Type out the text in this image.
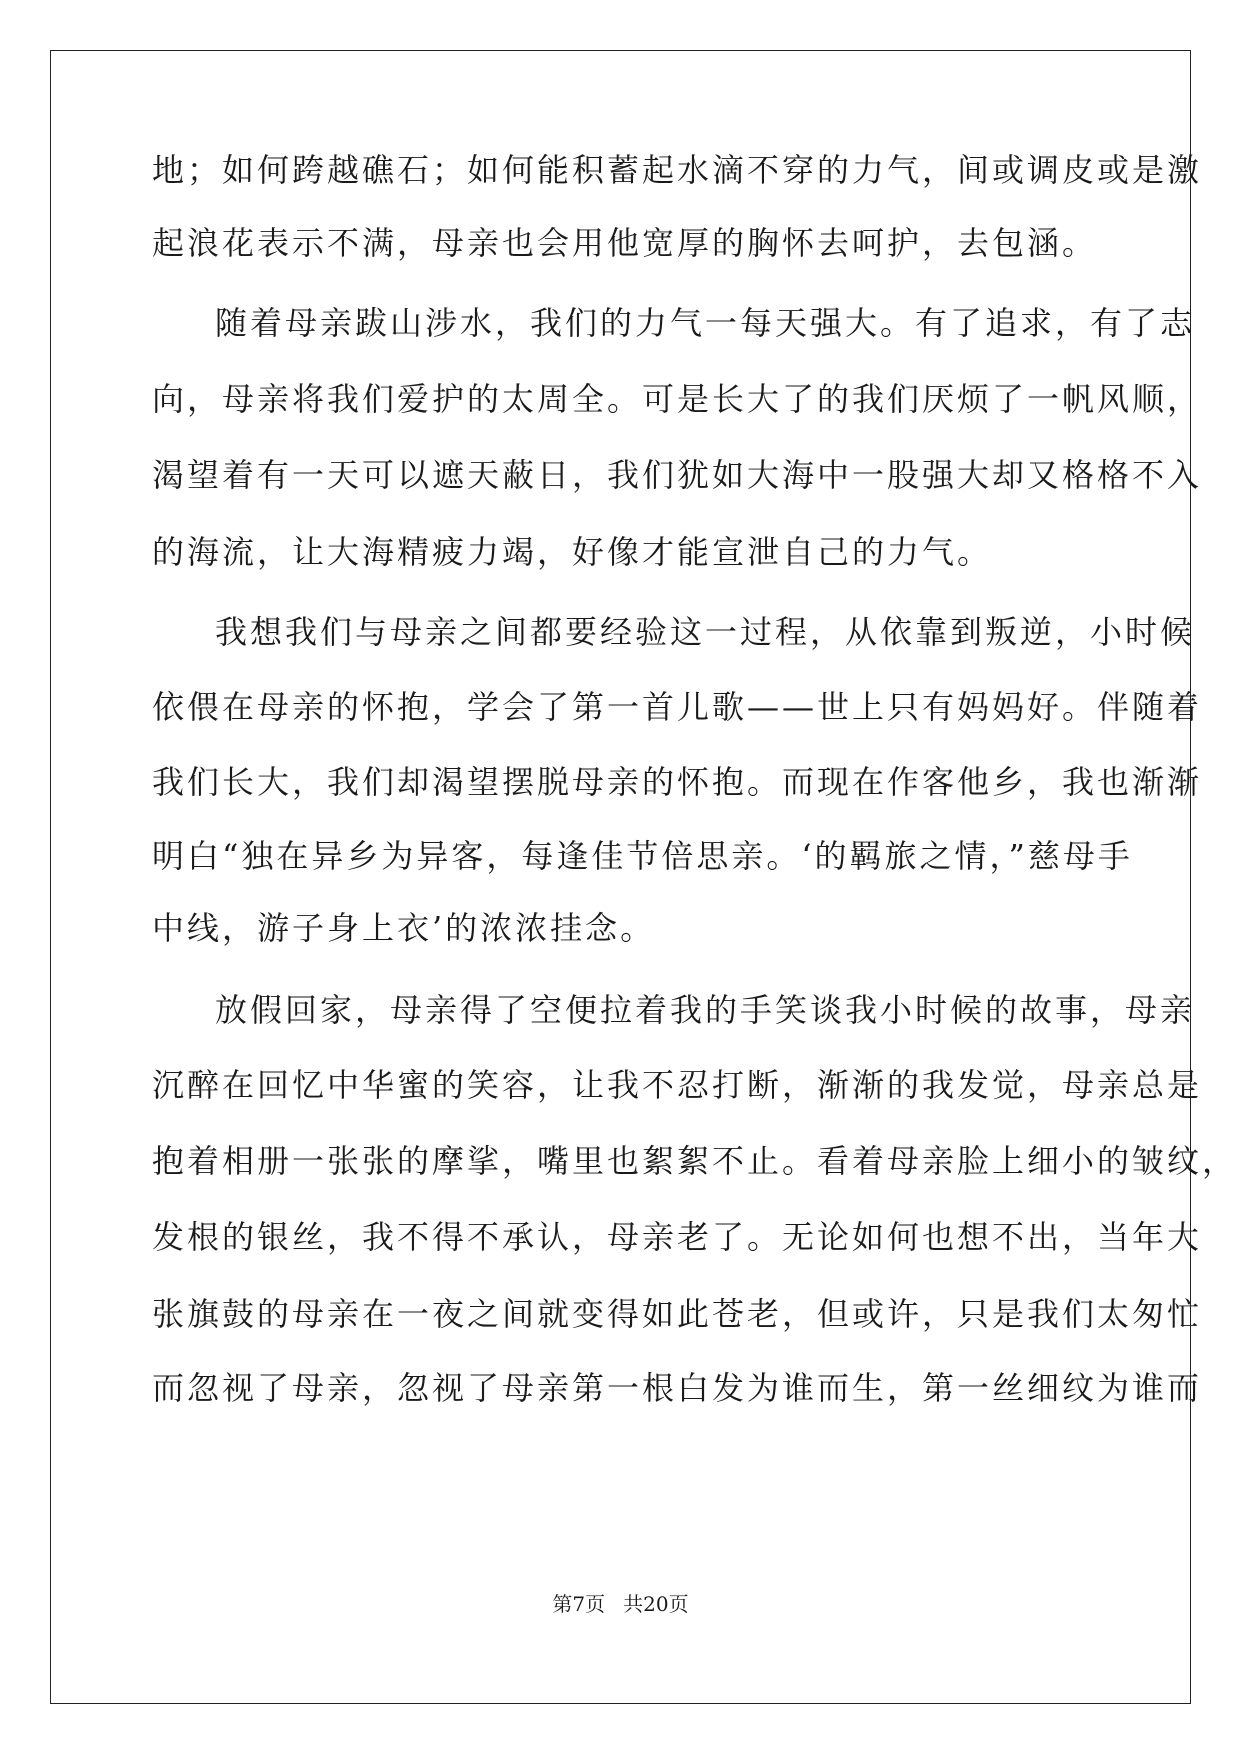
地；如何跨越礁石；如何能积蓄起水滴不穿的力气，间或调皮或是激
起浪花表示不满，母亲也会用他宽厚的胸怀去呵护，去包涵。
随着母亲跋山涉水，我们的力气一每天强大。有了追求，有了志
向，母亲将我们爱护的太周全。可是长大了的我们厌烦了一帆风顺，
渴望着有一天可以遮天蔽日，我们犹如大海中一股强大却又格格不入
的海流，让大海精疲力竭，好像才能宣泄自己的力气。
我想我们与母亲之间都要经验这一过程，从依靠到叛逆，小时候
依偎在母亲的怀抱，学会了第一首儿歌——世上只有妈妈好。伴随着
我们长大，我们却渴望摆脱母亲的怀抱。而现在作客他乡，我也渐渐
明白“独在异乡为异客，每逢佳节倍思亲。‘的羁旅之情，”慈母手
中线，游子身上衣’的浓浓挂念。
放假回家，母亲得了空便拉着我的手笑谈我小时候的故事，母亲
沉醉在回忆中华蜜的笑容，让我不忍打断，渐渐的我发觉，母亲总是
抱着相册一张张的摩挲，嘴里也絮絮不止。看着母亲脸上细小的皱纹，
发根的银丝，我不得不承认，母亲老了。无论如何也想不出，当年大
张旗鼓的母亲在一夜之间就变得如此苍老，但或许，只是我们太匆忙
而忽视了母亲，忽视了母亲第一根白发为谁而生，第一丝细纹为谁而
第7页 共20页
